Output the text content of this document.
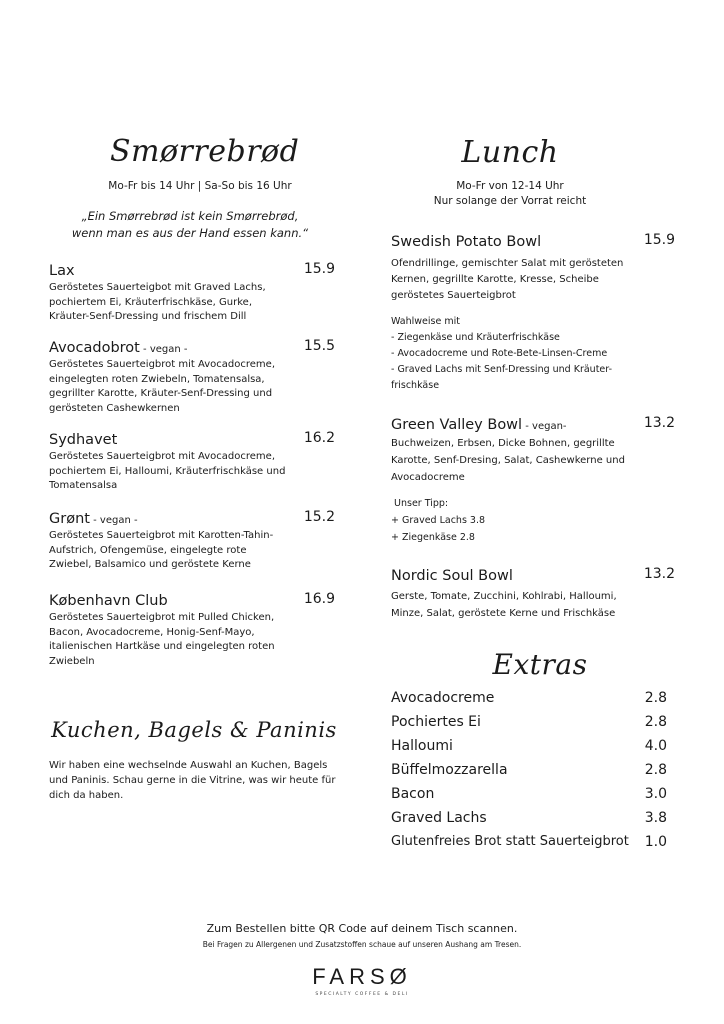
Smørrebrød
Mo-Fr bis 14 Uhr | Sa-So bis 16 Uhr
„Ein Smørrebrød ist kein Smørrebrød,
wenn man es aus der Hand essen kann.“
Lax	15.9
Geröstetes Sauerteigbot mit Graved Lachs,
pochiertem Ei, Kräuterfrischkäse, Gurke,
Kräuter-Senf-Dressing und frischem Dill
Avocadobrot - vegan -	15.5
Geröstetes Sauerteigbrot mit Avocadocreme,
eingelegten roten Zwiebeln, Tomatensalsa,
gegrillter Karotte, Kräuter-Senf-Dressing und
gerösteten Cashewkernen
Sydhavet	16.2
Geröstetes Sauerteigbrot mit Avocadocreme,
pochiertem Ei, Halloumi, Kräuterfrischkäse und
Tomatensalsa
Grønt - vegan -	15.2
Geröstetes Sauerteigbrot mit Karotten-Tahin-
Aufstrich, Ofengemüse, eingelegte rote
Zwiebel, Balsamico und geröstete Kerne
København Club	16.9
Geröstetes Sauerteigbrot mit Pulled Chicken,
Bacon, Avocadocreme, Honig-Senf-Mayo,
italienischen Hartkäse und eingelegten roten
Zwiebeln
Kuchen, Bagels & Paninis
Wir haben eine wechselnde Auswahl an Kuchen, Bagels
und Paninis. Schau gerne in die Vitrine, was wir heute für
dich da haben.
Lunch
Mo-Fr von 12-14 Uhr
Nur solange der Vorrat reicht
Swedish Potato Bowl	15.9
Ofendrillinge, gemischter Salat mit gerösteten
Kernen, gegrillte Karotte, Kresse, Scheibe
geröstetes Sauerteigbrot
Wahlweise mit
- Ziegenkäse und Kräuterfrischkäse
- Avocadocreme und Rote-Bete-Linsen-Creme
- Graved Lachs mit Senf-Dressing und Kräuter-
frischkäse
Green Valley Bowl - vegan-	13.2
Buchweizen, Erbsen, Dicke Bohnen, gegrillte
Karotte, Senf-Dresing, Salat, Cashewkerne und
Avocadocreme
Unser Tipp:
+ Graved Lachs 3.8
+ Ziegenkäse 2.8
Nordic Soul Bowl	13.2
Gerste, Tomate, Zucchini, Kohlrabi, Halloumi,
Minze, Salat, geröstete Kerne und Frischkäse
Extras
Avocadocreme	2.8
Pochiertes Ei	2.8
Halloumi	4.0
Büffelmozzarella	2.8
Bacon	3.0
Graved Lachs	3.8
Glutenfreies Brot statt Sauerteigbrot 1.0
Zum Bestellen bitte QR Code auf deinem Tisch scannen.
Bei Fragen zu Allergenen und Zusatzstoffen schaue auf unseren Aushang am Tresen.
FARSØ
SPECIALTY COFFEE & DELI
